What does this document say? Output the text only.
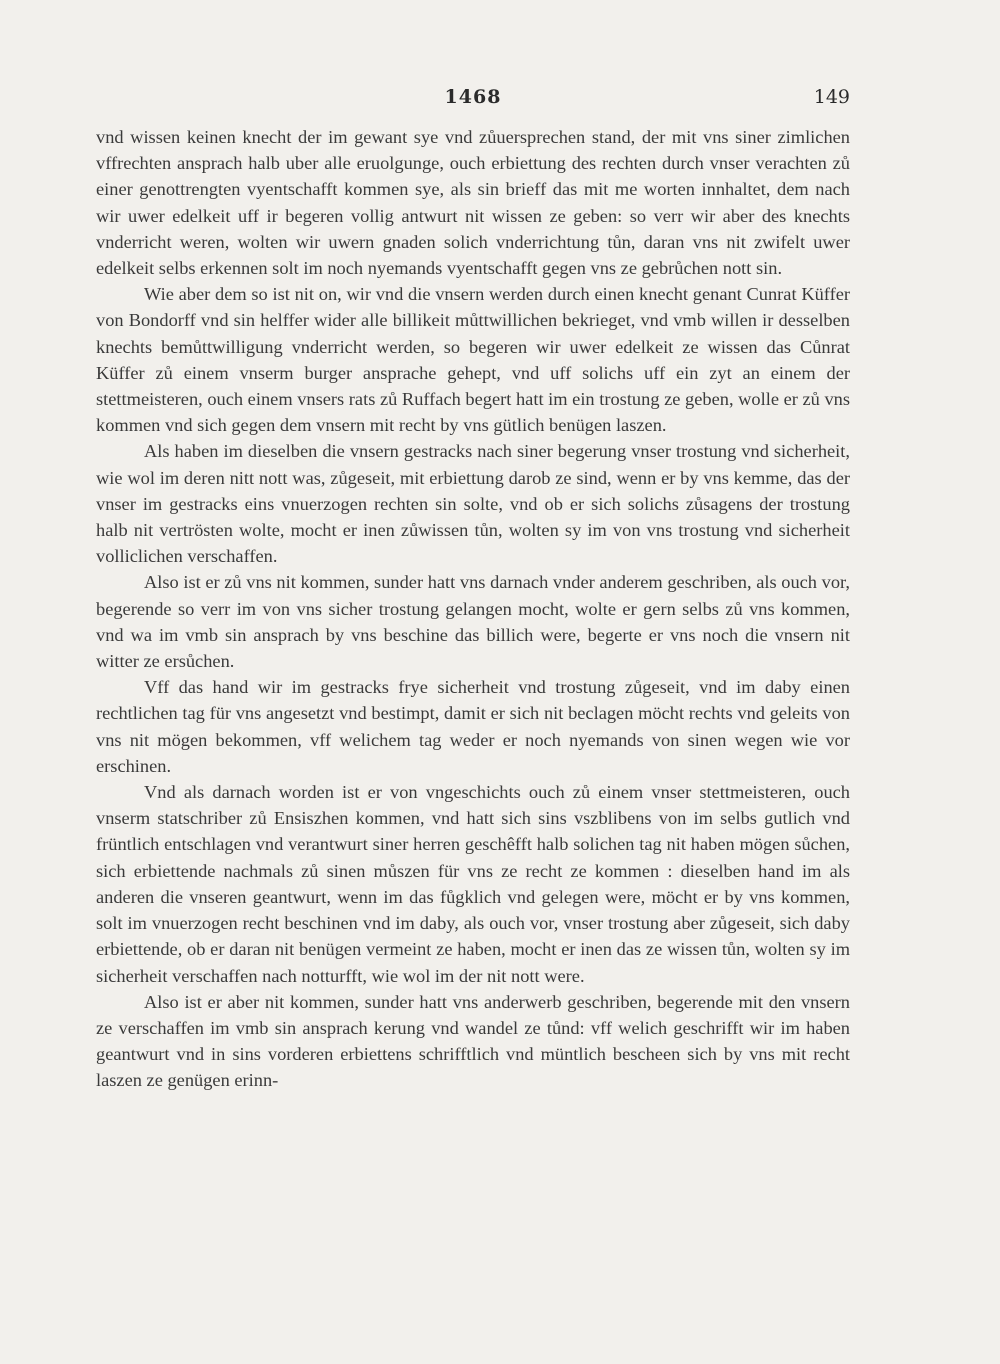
1468	149

vnd wissen keinen knecht der im gewant sye vnd zůuersprechen stand, der mit vns siner zimlichen vffrechten ansprach halb uber alle eruolgunge, ouch erbiettung des rechten durch vnser verachten zů einer genottrengten vyentschafft kommen sye, als sin brieff das mit me worten innhaltet, dem nach wir uwer edelkeit uff ir begeren vollig antwurt nit wissen ze geben: so verr wir aber des knechts vnderricht weren, wolten wir uwern gnaden solich vnderrichtung tůn, daran vns nit zwifelt uwer edelkeit selbs erkennen solt im noch nyemands vyentschafft gegen vns ze gebrůchen nott sin.

Wie aber dem so ist nit on, wir vnd die vnsern werden durch einen knecht genant Cunrat Küffer von Bondorff vnd sin helffer wider alle billikeit můttwillichen bekrieget, vnd vmb willen ir desselben knechts bemůttwilligung vnderricht werden, so begeren wir uwer edelkeit ze wissen das Cůnrat Küffer zů einem vnserm burger ansprache gehept, vnd uff solichs uff ein zyt an einem der stettmeisteren, ouch einem vnsers rats zů Ruffach begert hatt im ein trostung ze geben, wolle er zů vns kommen vnd sich gegen dem vnsern mit recht by vns gütlich benügen laszen.

Als haben im dieselben die vnsern gestracks nach siner begerung vnser trostung vnd sicherheit, wie wol im deren nitt nott was, zůgeseit, mit erbiettung darob ze sind, wenn er by vns kemme, das der vnser im gestracks eins vnuerzogen rechten sin solte, vnd ob er sich solichs zůsagens der trostung halb nit vertrösten wolte, mocht er inen zůwissen tůn, wolten sy im von vns trostung vnd sicherheit volliclichen verschaffen.

Also ist er zů vns nit kommen, sunder hatt vns darnach vnder anderem geschriben, als ouch vor, begerende so verr im von vns sicher trostung gelangen mocht, wolte er gern selbs zů vns kommen, vnd wa im vmb sin ansprach by vns beschine das billich were, begerte er vns noch die vnsern nit witter ze ersůchen.

Vff das hand wir im gestracks frye sicherheit vnd trostung zůgeseit, vnd im daby einen rechtlichen tag für vns angesetzt vnd bestimpt, damit er sich nit beclagen möcht rechts vnd geleits von vns nit mögen bekommen, vff welichem tag weder er noch nyemands von sinen wegen wie vor erschinen.

Vnd als darnach worden ist er von vngeschichts ouch zů einem vnser stettmeisteren, ouch vnserm statschriber zů Ensiszhen kommen, vnd hatt sich sins vszblibens von im selbs gutlich vnd früntlich entschlagen vnd verantwurt siner herren geschêfft halb solichen tag nit haben mögen sůchen, sich erbiettende nachmals zů sinen můszen für vns ze recht ze kommen : dieselben hand im als anderen die vnseren geantwurt, wenn im das fůgklich vnd gelegen were, möcht er by vns kommen, solt im vnuerzogen recht beschinen vnd im daby, als ouch vor, vnser trostung aber zůgeseit, sich daby erbiettende, ob er daran nit benügen vermeint ze haben, mocht er inen das ze wissen tůn, wolten sy im sicherheit verschaffen nach notturfft, wie wol im der nit nott were.

Also ist er aber nit kommen, sunder hatt vns anderwerb geschriben, begerende mit den vnsern ze verschaffen im vmb sin ansprach kerung vnd wandel ze tůnd: vff welich geschrifft wir im haben geantwurt vnd in sins vorderen erbiettens schrifftlich vnd müntlich bescheen sich by vns mit recht laszen ze genügen erinn-
